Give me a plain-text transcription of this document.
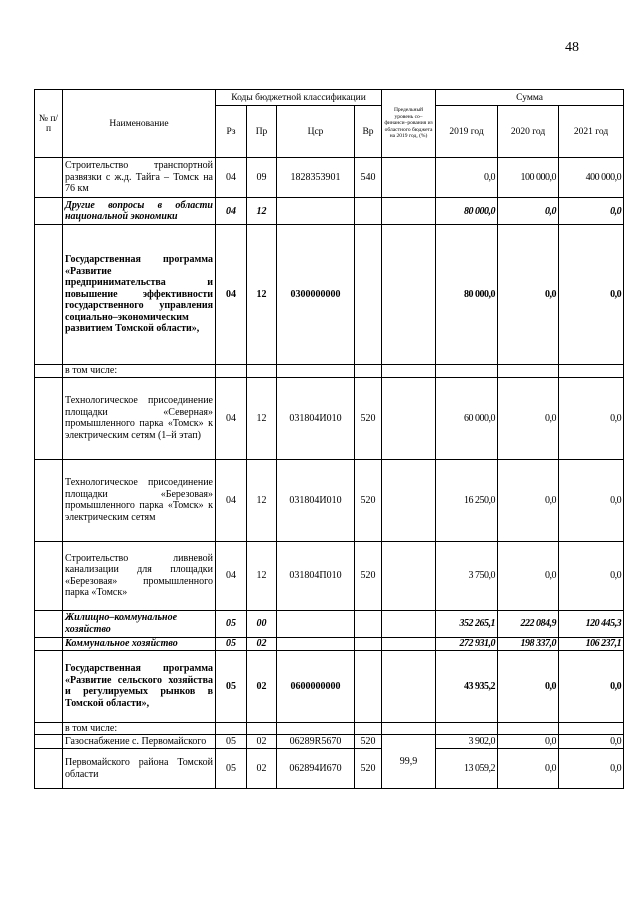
48
№ п/п	Наименование	Коды бюджетной классификации				Предельный уровень со–финанси–рования из областного бюджета на 2019 год, (%)	Сумма		
		Рз	Пр	Цср	Вр		2019 год	2020 год	2021 год
	Строительство транспортной развязки с ж.д. Тайга – Томск на 76 км	04	09	1828353901	540		0,0	100 000,0	400 000,0
	Другие вопросы в области национальной экономики	04	12				80 000,0	0,0	0,0
	Государственная программа «Развитие предпринимательства и повышение эффективности государственного управления социально–экономическим развитием Томской области»,	04	12	0300000000			80 000,0	0,0	0,0
	в том числе:								
	Технологическое присоединение площадки «Северная» промышленного парка «Томск» к электрическим сетям (1–й этап)	04	12	031804И010	520		60 000,0	0,0	0,0
	Технологическое присоединение площадки «Березовая» промышленного парка «Томск» к электрическим сетям	04	12	031804И010	520		16 250,0	0,0	0,0
	Строительство ливневой канализации для площадки «Березовая» промышленного парка «Томск»	04	12	031804П010	520		3 750,0	0,0	0,0
	Жилищно–коммунальное хозяйство	05	00				352 265,1	222 084,9	120 445,3
	Коммунальное хозяйство	05	02				272 931,0	198 337,0	106 237,1
	Государственная программа «Развитие сельского хозяйства и регулируемых рынков в Томской области»,	05	02	0600000000			43 935,2	0,0	0,0
	в том числе:								
	Газоснабжение с. Первомайского	05	02	06289R5670	520	99,9	3 902,0	0,0	0,0
	Первомайского района Томской области	05	02	062894И670	520		13 059,2	0,0	0,0
